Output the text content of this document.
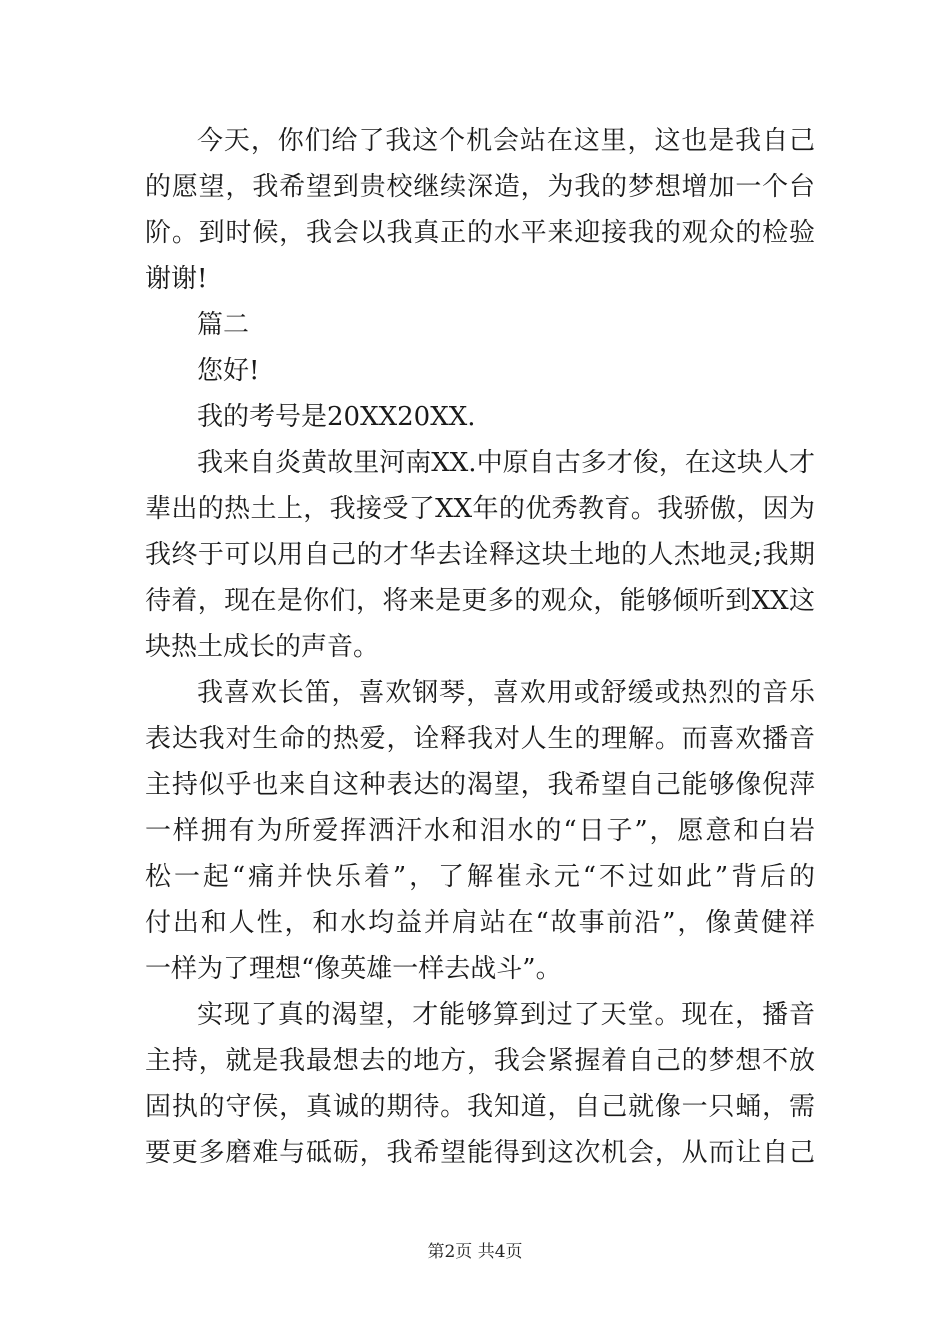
今天，你们给了我这个机会站在这里，这也是我自己
的愿望，我希望到贵校继续深造，为我的梦想增加一个台
阶。到时候，我会以我真正的水平来迎接我的观众的检验
谢谢!
篇二
您好!
我的考号是20XX20XX.
我来自炎黄故里河南XX.中原自古多才俊，在这块人才
辈出的热土上，我接受了XX年的优秀教育。我骄傲，因为
我终于可以用自己的才华去诠释这块土地的人杰地灵;我期
待着，现在是你们，将来是更多的观众，能够倾听到XX这
块热土成长的声音。
我喜欢长笛，喜欢钢琴，喜欢用或舒缓或热烈的音乐
表达我对生命的热爱，诠释我对人生的理解。而喜欢播音
主持似乎也来自这种表达的渴望，我希望自己能够像倪萍
一样拥有为所爱挥洒汗水和泪水的“日子”，愿意和白岩
松一起“痛并快乐着”，了解崔永元“不过如此”背后的
付出和人性，和水均益并肩站在“故事前沿”，像黄健祥
一样为了理想“像英雄一样去战斗”。
实现了真的渴望，才能够算到过了天堂。现在，播音
主持，就是我最想去的地方，我会紧握着自己的梦想不放
固执的守侯，真诚的期待。我知道，自己就像一只蛹，需
要更多磨难与砥砺，我希望能得到这次机会，从而让自己
第2页 共4页
